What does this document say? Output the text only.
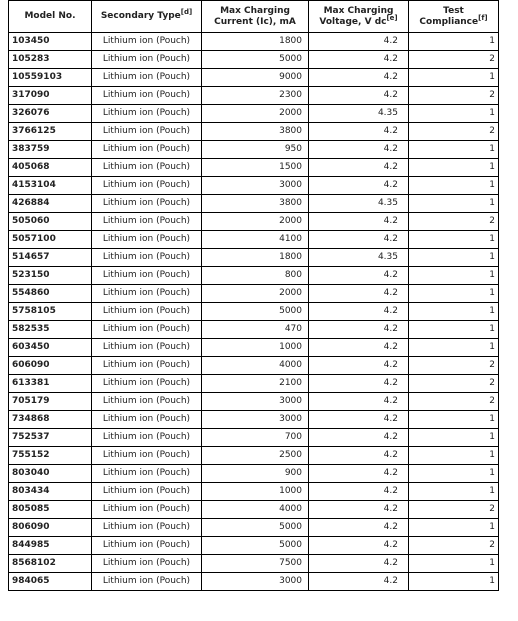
Model No.	Secondary Type[d]	Max Charging Current (Ic), mA	Max Charging Voltage, V dc[e]	Test Compliance[f]
103450	Lithium ion (Pouch)	1800	4.2	1
105283	Lithium ion (Pouch)	5000	4.2	2
10559103	Lithium ion (Pouch)	9000	4.2	1
317090	Lithium ion (Pouch)	2300	4.2	2
326076	Lithium ion (Pouch)	2000	4.35	1
3766125	Lithium ion (Pouch)	3800	4.2	2
383759	Lithium ion (Pouch)	950	4.2	1
405068	Lithium ion (Pouch)	1500	4.2	1
4153104	Lithium ion (Pouch)	3000	4.2	1
426884	Lithium ion (Pouch)	3800	4.35	1
505060	Lithium ion (Pouch)	2000	4.2	2
5057100	Lithium ion (Pouch)	4100	4.2	1
514657	Lithium ion (Pouch)	1800	4.35	1
523150	Lithium ion (Pouch)	800	4.2	1
554860	Lithium ion (Pouch)	2000	4.2	1
5758105	Lithium ion (Pouch)	5000	4.2	1
582535	Lithium ion (Pouch)	470	4.2	1
603450	Lithium ion (Pouch)	1000	4.2	1
606090	Lithium ion (Pouch)	4000	4.2	2
613381	Lithium ion (Pouch)	2100	4.2	2
705179	Lithium ion (Pouch)	3000	4.2	2
734868	Lithium ion (Pouch)	3000	4.2	1
752537	Lithium ion (Pouch)	700	4.2	1
755152	Lithium ion (Pouch)	2500	4.2	1
803040	Lithium ion (Pouch)	900	4.2	1
803434	Lithium ion (Pouch)	1000	4.2	1
805085	Lithium ion (Pouch)	4000	4.2	2
806090	Lithium ion (Pouch)	5000	4.2	1
844985	Lithium ion (Pouch)	5000	4.2	2
8568102	Lithium ion (Pouch)	7500	4.2	1
984065	Lithium ion (Pouch)	3000	4.2	1
